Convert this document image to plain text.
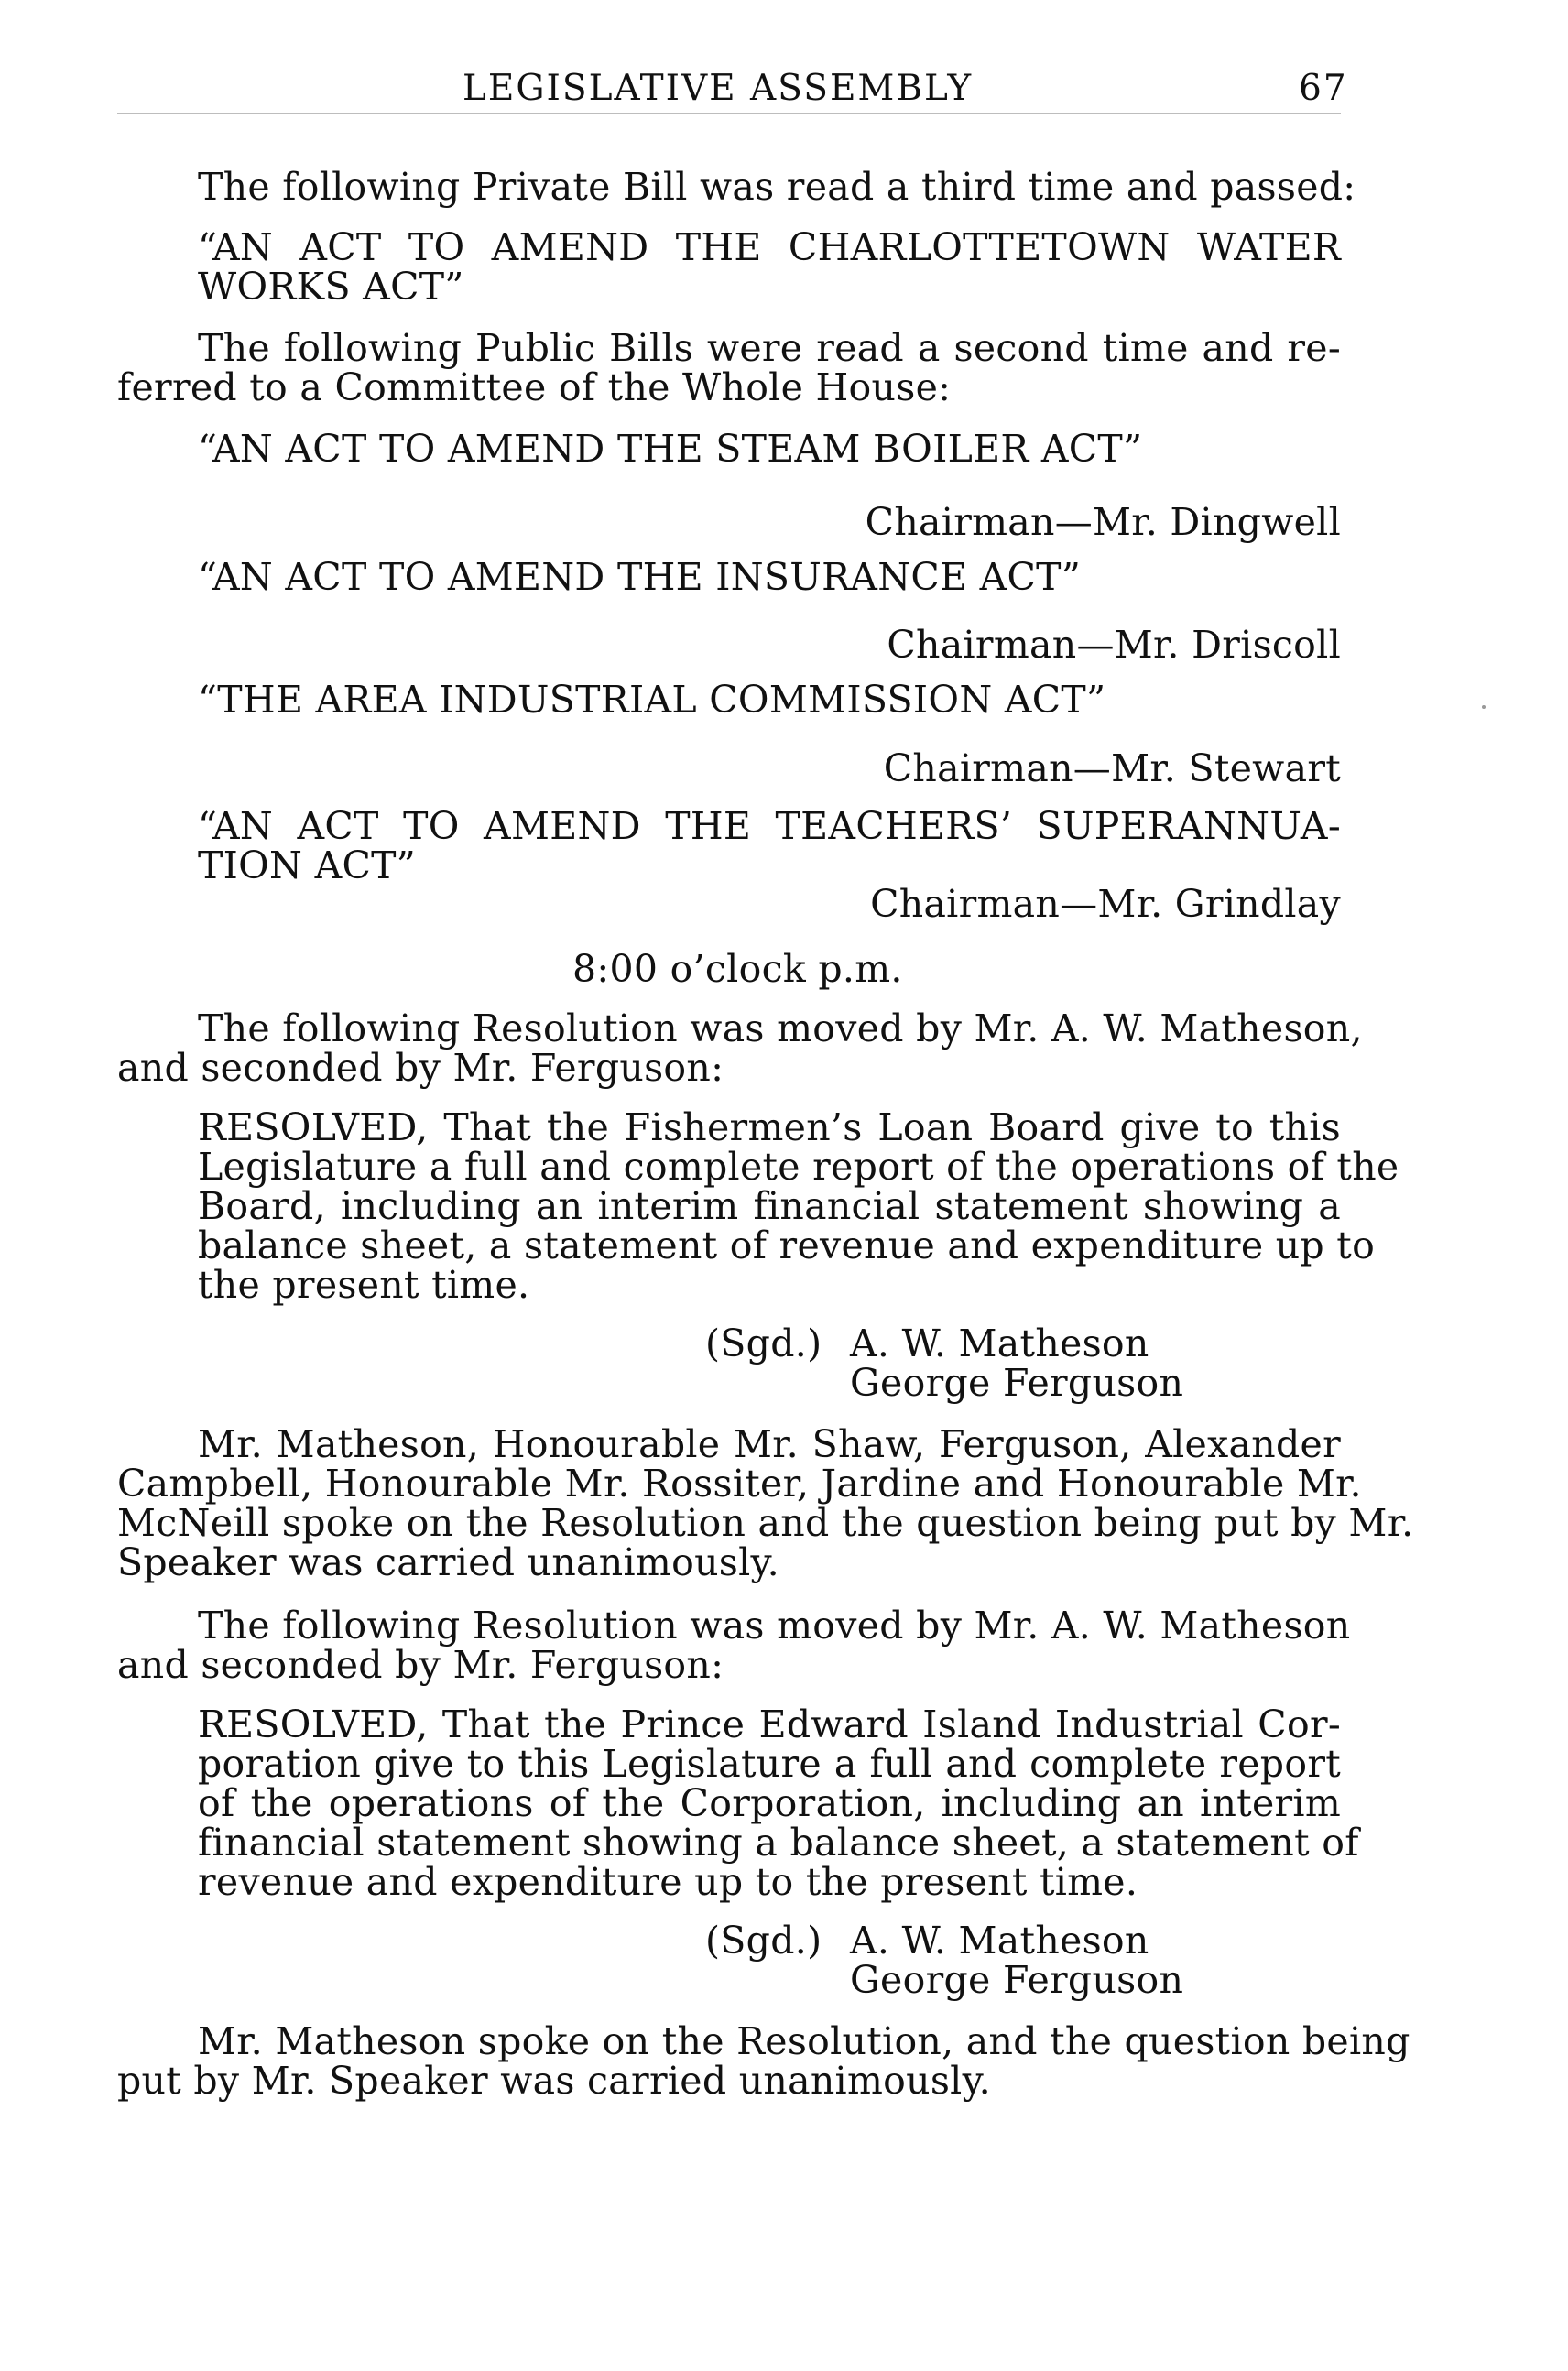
LEGISLATIVE ASSEMBLY	67
The following Private Bill was read a third time and passed:
“AN ACT TO AMEND THE CHARLOTTETOWN WATER
WORKS ACT”
The following Public Bills were read a second time and re-
ferred to a Committee of the Whole House:
“AN ACT TO AMEND THE STEAM BOILER ACT”
Chairman—Mr. Dingwell
“AN ACT TO AMEND THE INSURANCE ACT”
Chairman—Mr. Driscoll
“THE AREA INDUSTRIAL COMMISSION ACT”
Chairman—Mr. Stewart
“AN ACT TO AMEND THE TEACHERS’ SUPERANNUA-
TION ACT”
Chairman—Mr. Grindlay
8:00 o’clock p.m.
The following Resolution was moved by Mr. A. W. Matheson,
and seconded by Mr. Ferguson:
RESOLVED, That the Fishermen’s Loan Board give to this
Legislature a full and complete report of the operations of the
Board, including an interim financial statement showing a
balance sheet, a statement of revenue and expenditure up to
the present time.
(Sgd.) A. W. Matheson
George Ferguson
Mr. Matheson, Honourable Mr. Shaw, Ferguson, Alexander
Campbell, Honourable Mr. Rossiter, Jardine and Honourable Mr.
McNeill spoke on the Resolution and the question being put by Mr.
Speaker was carried unanimously.
The following Resolution was moved by Mr. A. W. Matheson
and seconded by Mr. Ferguson:
RESOLVED, That the Prince Edward Island Industrial Cor-
poration give to this Legislature a full and complete report
of the operations of the Corporation, including an interim
financial statement showing a balance sheet, a statement of
revenue and expenditure up to the present time.
(Sgd.) A. W. Matheson
George Ferguson
Mr. Matheson spoke on the Resolution, and the question being
put by Mr. Speaker was carried unanimously.
